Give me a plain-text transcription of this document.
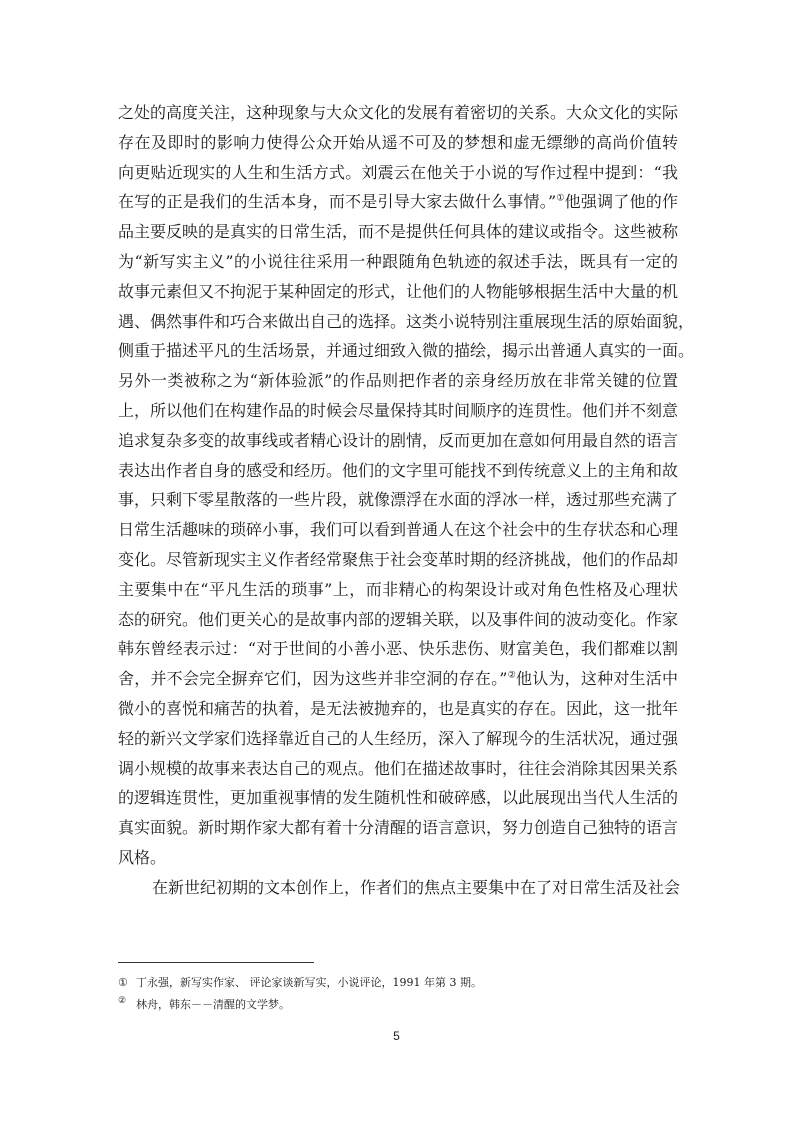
之处的高度关注，这种现象与大众文化的发展有着密切的关系。大众文化的实际
存在及即时的影响力使得公众开始从遥不可及的梦想和虚无缥缈的高尚价值转
向更贴近现实的人生和生活方式。刘震云在他关于小说的写作过程中提到：“我
在写的正是我们的生活本身，而不是引导大家去做什么事情。”①他强调了他的作
品主要反映的是真实的日常生活，而不是提供任何具体的建议或指令。这些被称
为“新写实主义”的小说往往采用一种跟随角色轨迹的叙述手法，既具有一定的
故事元素但又不拘泥于某种固定的形式，让他们的人物能够根据生活中大量的机
遇、偶然事件和巧合来做出自己的选择。这类小说特别注重展现生活的原始面貌，
侧重于描述平凡的生活场景，并通过细致入微的描绘，揭示出普通人真实的一面。
另外一类被称之为“新体验派”的作品则把作者的亲身经历放在非常关键的位置
上，所以他们在构建作品的时候会尽量保持其时间顺序的连贯性。他们并不刻意
追求复杂多变的故事线或者精心设计的剧情，反而更加在意如何用最自然的语言
表达出作者自身的感受和经历。他们的文字里可能找不到传统意义上的主角和故
事，只剩下零星散落的一些片段，就像漂浮在水面的浮冰一样，透过那些充满了
日常生活趣味的琐碎小事，我们可以看到普通人在这个社会中的生存状态和心理
变化。尽管新现实主义作者经常聚焦于社会变革时期的经济挑战，他们的作品却
主要集中在“平凡生活的琐事”上，而非精心的构架设计或对角色性格及心理状
态的研究。他们更关心的是故事内部的逻辑关联，以及事件间的波动变化。作家
韩东曾经表示过：“对于世间的小善小恶、快乐悲伤、财富美色，我们都难以割
舍，并不会完全摒弃它们，因为这些并非空洞的存在。”②他认为，这种对生活中
微小的喜悦和痛苦的执着，是无法被抛弃的，也是真实的存在。因此，这一批年
轻的新兴文学家们选择靠近自己的人生经历，深入了解现今的生活状况，通过强
调小规模的故事来表达自己的观点。他们在描述故事时，往往会消除其因果关系
的逻辑连贯性，更加重视事情的发生随机性和破碎感，以此展现出当代人生活的
真实面貌。新时期作家大都有着十分清醒的语言意识，努力创造自己独特的语言
风格。
在新世纪初期的文本创作上，作者们的焦点主要集中在了对日常生活及社会
① 丁永强，新写实作家、 评论家谈新写实，小说评论，1991 年第 3 期。
② 林舟，韩东－－清醒的文学梦。
5
